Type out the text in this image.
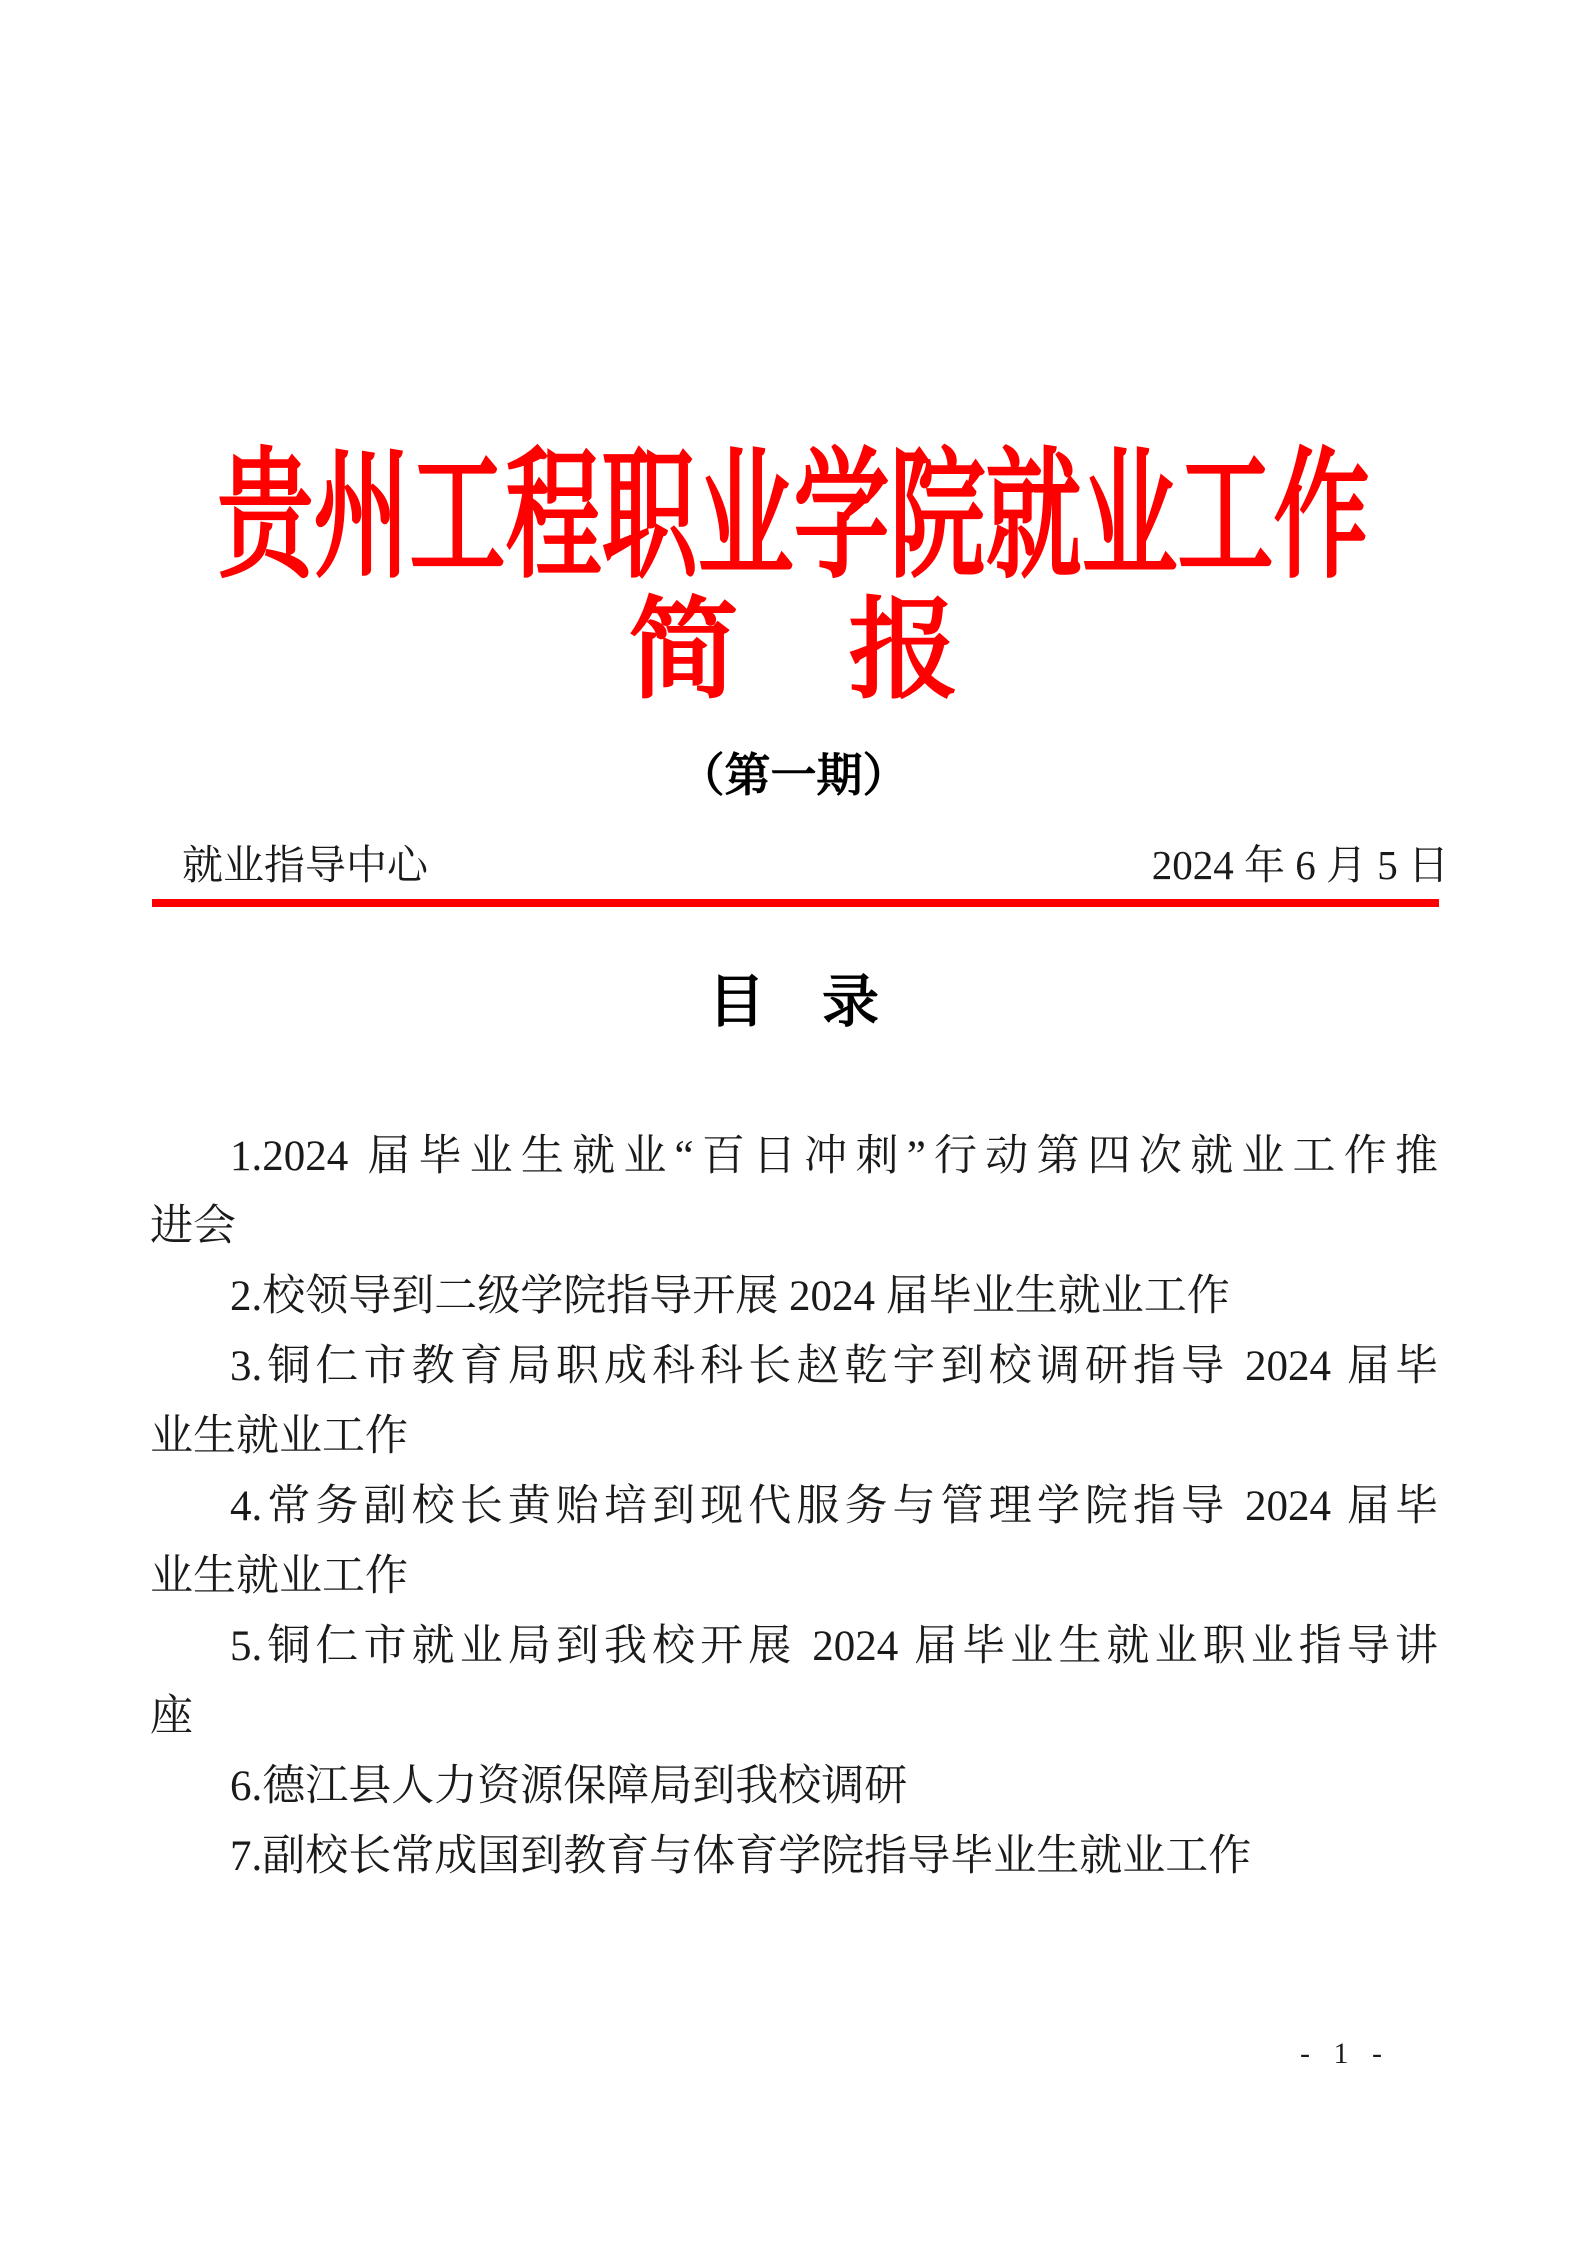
贵州工程职业学院就业工作
简　报
（第一期）
就业指导中心	2024 年 6 月 5 日
目　录

1.2024 届毕业生就业“百日冲刺”行动第四次就业工作推

进会

2.校领导到二级学院指导开展 2024 届毕业生就业工作

3.铜仁市教育局职成科科长赵乾宇到校调研指导 2024 届毕

业生就业工作

4.常务副校长黄贻培到现代服务与管理学院指导 2024 届毕

业生就业工作

5.铜仁市就业局到我校开展 2024 届毕业生就业职业指导讲

座

6.德江县人力资源保障局到我校调研

7.副校长常成国到教育与体育学院指导毕业生就业工作

- 1 -
